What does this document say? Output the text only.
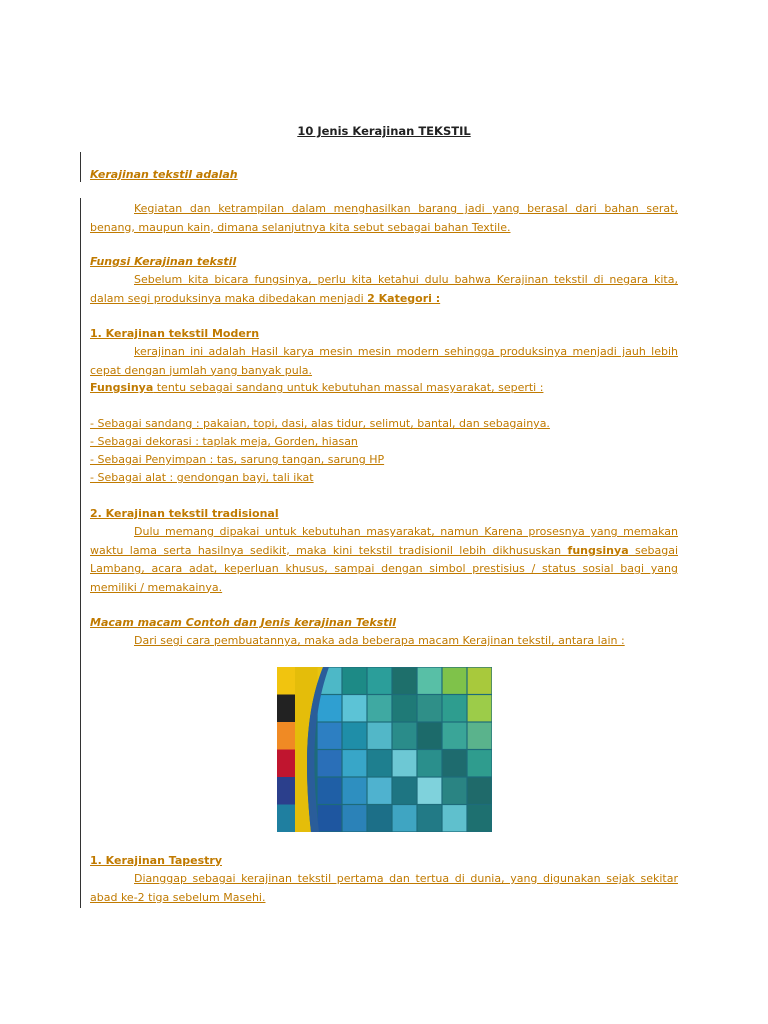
10 Jenis Kerajinan TEKSTIL
Kerajinan tekstil adalah
Kegiatan dan ketrampilan dalam menghasilkan barang jadi yang berasal dari bahan serat, benang, maupun kain, dimana selanjutnya kita sebut sebagai bahan Textile.
Fungsi Kerajinan tekstil
Sebelum kita bicara fungsinya, perlu kita ketahui dulu bahwa Kerajinan tekstil di negara kita, dalam segi produksinya maka dibedakan menjadi 2 Kategori :
1. Kerajinan tekstil Modern
kerajinan ini adalah Hasil karya mesin mesin modern sehingga produksinya menjadi jauh lebih cepat dengan jumlah yang banyak pula.
Fungsinya tentu sebagai sandang untuk kebutuhan massal masyarakat, seperti :
- Sebagai sandang : pakaian, topi, dasi, alas tidur, selimut, bantal, dan sebagainya.
- Sebagai dekorasi : taplak meja, Gorden, hiasan
- Sebagai Penyimpan : tas, sarung tangan, sarung HP
- Sebagai alat : gendongan bayi, tali ikat
2. Kerajinan tekstil tradisional
Dulu memang dipakai untuk kebutuhan masyarakat, namun Karena prosesnya yang memakan waktu lama serta hasilnya sedikit, maka kini tekstil tradisionil lebih dikhususkan fungsinya sebagai Lambang, acara adat, keperluan khusus, sampai dengan simbol prestisius / status sosial bagi yang memiliki / memakainya.
Macam macam Contoh dan Jenis kerajinan Tekstil
Dari segi cara pembuatannya, maka ada beberapa macam Kerajinan tekstil, antara lain :
1. Kerajinan Tapestry
Dianggap sebagai kerajinan tekstil pertama dan tertua di dunia, yang digunakan sejak sekitar abad ke-2 tiga sebelum Masehi.
